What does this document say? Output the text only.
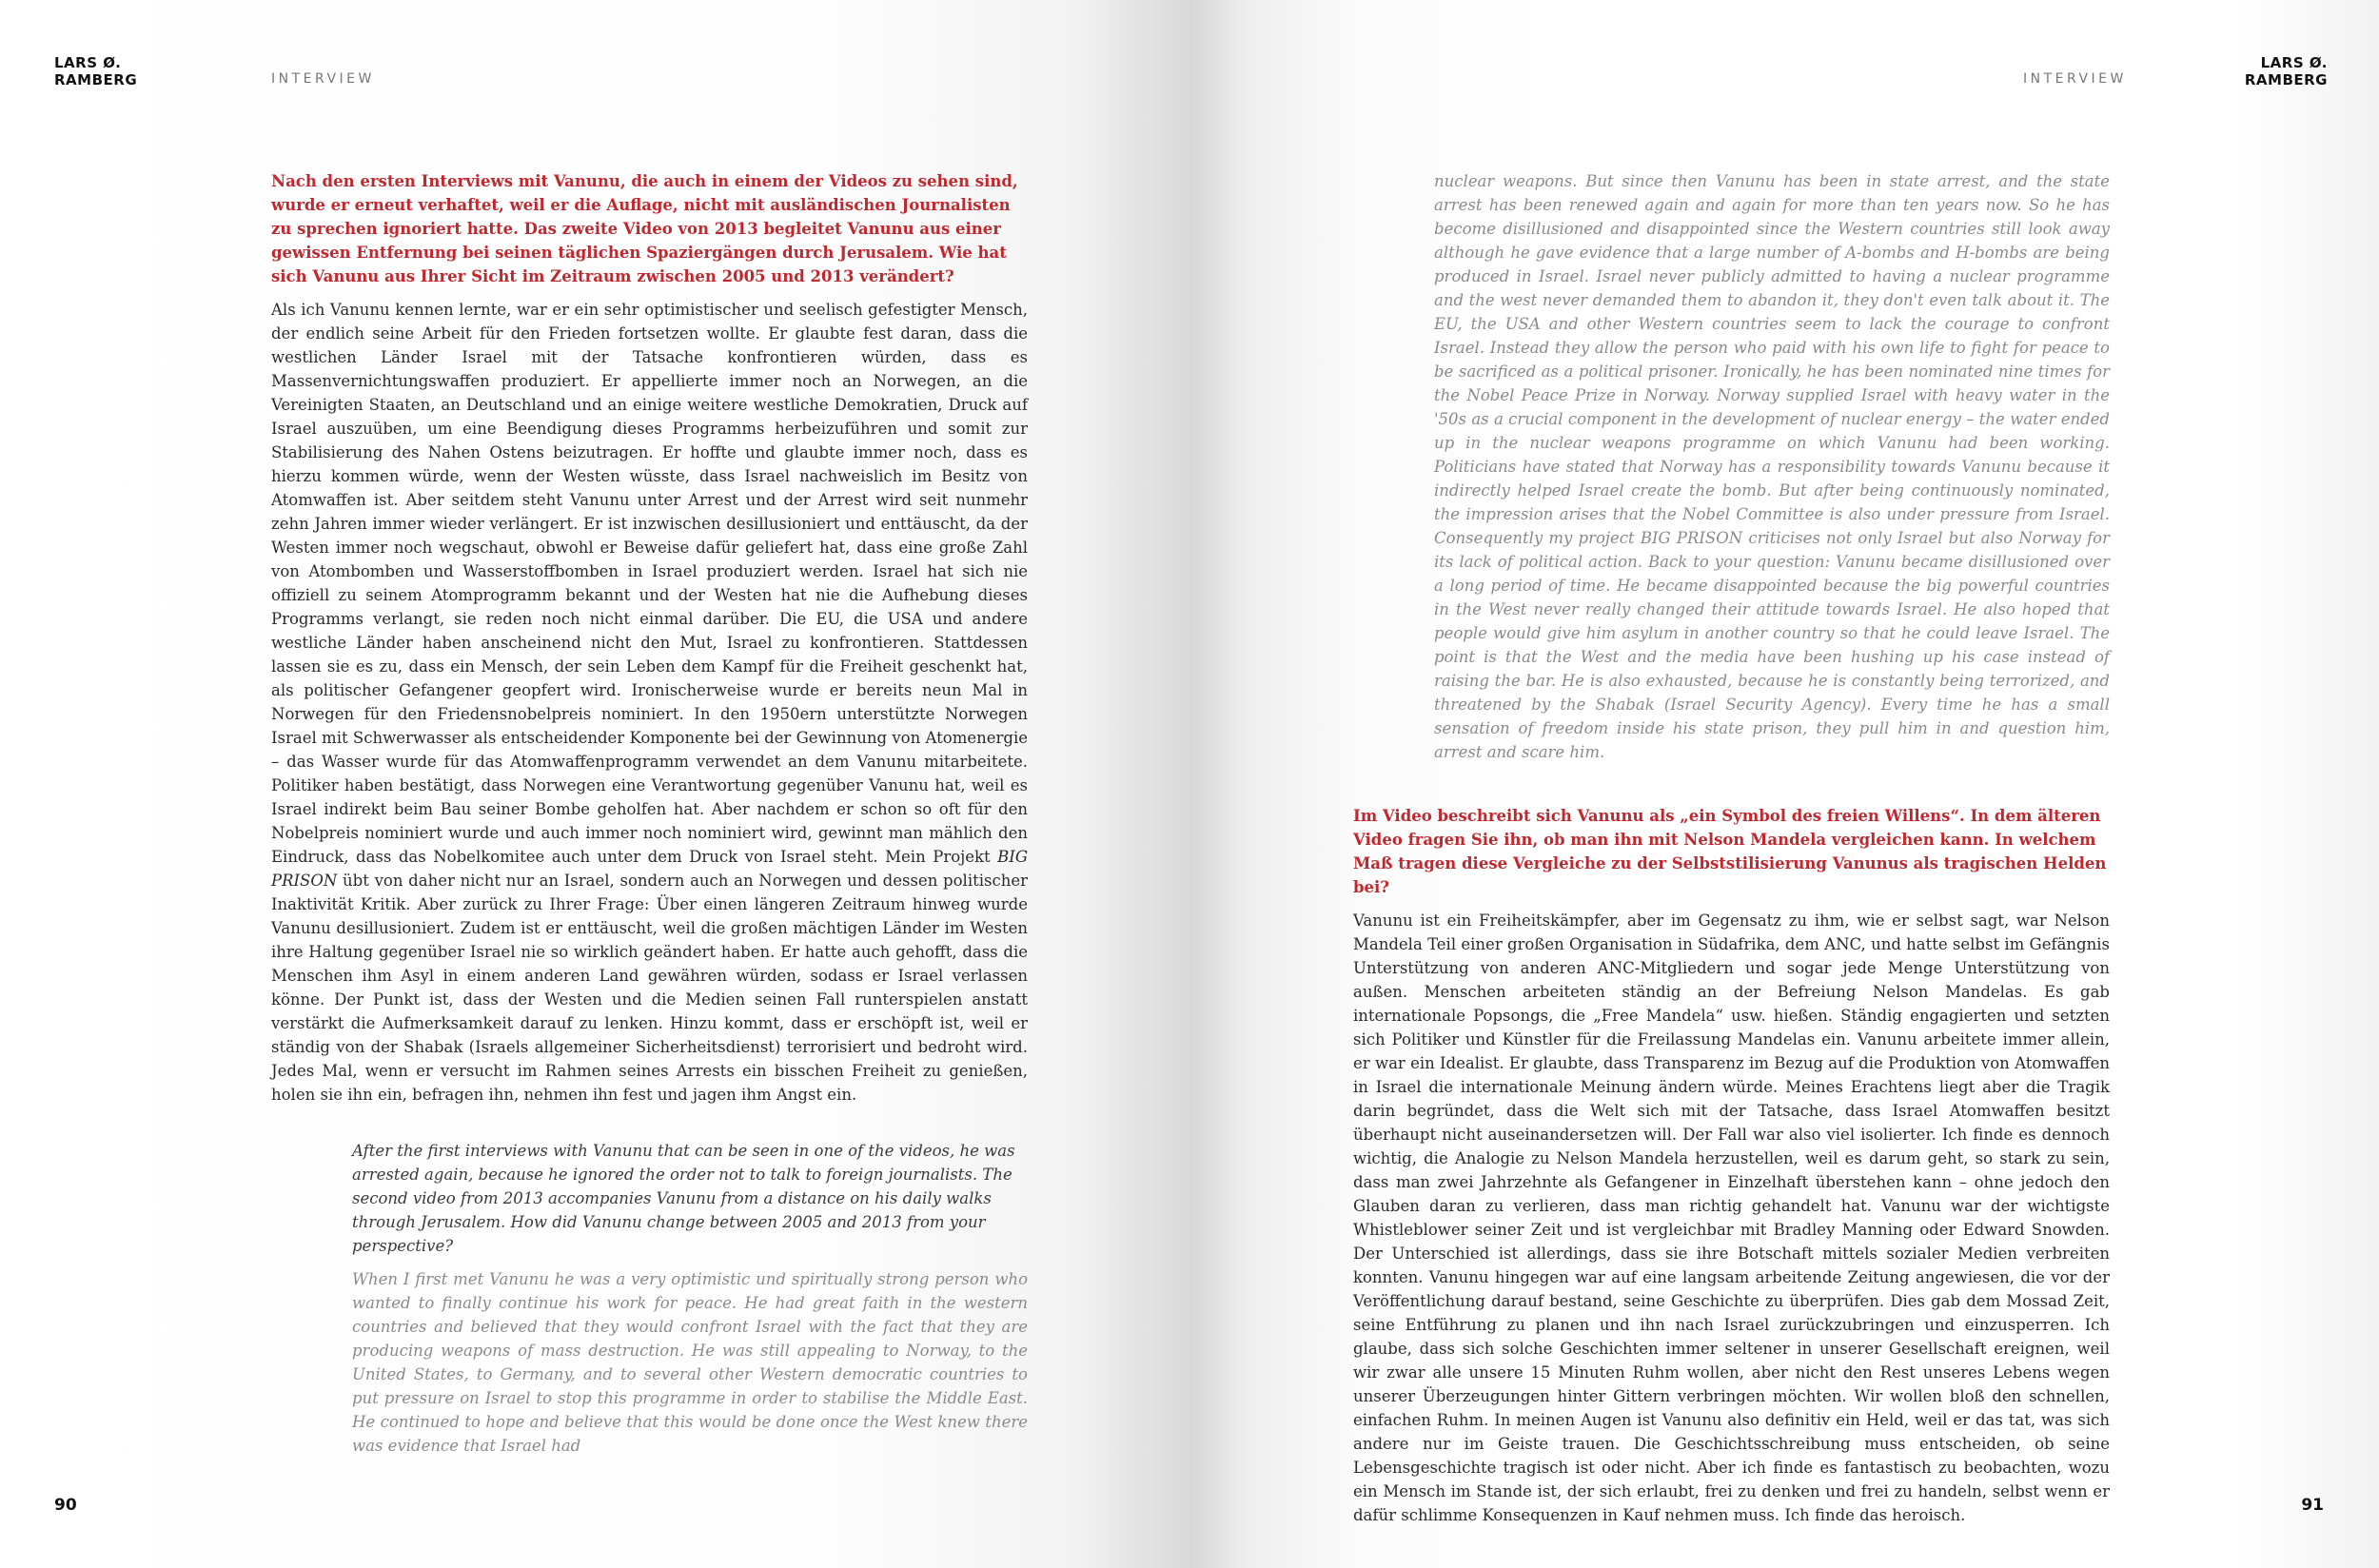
LARS Ø.
RAMBERG	INTERVIEW

Nach den ersten Interviews mit Vanunu, die auch in einem der Videos zu sehen sind, wurde er erneut verhaftet, weil er die Auflage, nicht mit ausländischen Journalisten zu sprechen ignoriert hatte. Das zweite Video von 2013 begleitet Vanunu aus einer gewissen Entfernung bei seinen täglichen Spaziergängen durch Jerusalem. Wie hat sich Vanunu aus Ihrer Sicht im Zeitraum zwischen 2005 und 2013 verändert?

Als ich Vanunu kennen lernte, war er ein sehr optimistischer und seelisch gefestigter Mensch, der endlich seine Arbeit für den Frieden fortsetzen wollte. Er glaubte fest daran, dass die westlichen Länder Israel mit der Tatsache konfrontieren würden, dass es Massenvernichtungswaffen produziert. Er appellierte immer noch an Norwegen, an die Vereinigten Staaten, an Deutschland und an einige weitere westliche Demokratien, Druck auf Israel auszuüben, um eine Beendigung dieses Programms herbeizuführen und somit zur Stabilisierung des Nahen Ostens beizutragen. Er hoffte und glaubte immer noch, dass es hierzu kommen würde, wenn der Westen wüsste, dass Israel nachweislich im Besitz von Atomwaffen ist. Aber seitdem steht Vanunu unter Arrest und der Arrest wird seit nunmehr zehn Jahren immer wieder verlängert. Er ist inzwischen desillusioniert und enttäuscht, da der Westen immer noch wegschaut, obwohl er Beweise dafür geliefert hat, dass eine große Zahl von Atombomben und Wasserstoffbomben in Israel produziert werden. Israel hat sich nie offiziell zu seinem Atomprogramm bekannt und der Westen hat nie die Aufhebung dieses Programms verlangt, sie reden noch nicht einmal darüber. Die EU, die USA und andere westliche Länder haben anscheinend nicht den Mut, Israel zu konfrontieren. Stattdessen lassen sie es zu, dass ein Mensch, der sein Leben dem Kampf für die Freiheit geschenkt hat, als politischer Gefangener geopfert wird. Ironischerweise wurde er bereits neun Mal in Norwegen für den Friedensnobelpreis nominiert. In den 1950ern unterstützte Norwegen Israel mit Schwerwasser als entscheidender Komponente bei der Gewinnung von Atomenergie – das Wasser wurde für das Atomwaffenprogramm verwendet an dem Vanunu mitarbeitete. Politiker haben bestätigt, dass Norwegen eine Verantwortung gegenüber Vanunu hat, weil es Israel indirekt beim Bau seiner Bombe geholfen hat. Aber nachdem er schon so oft für den Nobelpreis nominiert wurde und auch immer noch nominiert wird, gewinnt man mählich den Eindruck, dass das Nobelkomitee auch unter dem Druck von Israel steht. Mein Projekt BIG PRISON übt von daher nicht nur an Israel, sondern auch an Norwegen und dessen politischer Inaktivität Kritik. Aber zurück zu Ihrer Frage: Über einen längeren Zeitraum hinweg wurde Vanunu desillusioniert. Zudem ist er enttäuscht, weil die großen mächtigen Länder im Westen ihre Haltung gegenüber Israel nie so wirklich geändert haben. Er hatte auch gehofft, dass die Menschen ihm Asyl in einem anderen Land gewähren würden, sodass er Israel verlassen könne. Der Punkt ist, dass der Westen und die Medien seinen Fall runterspielen anstatt verstärkt die Aufmerksamkeit darauf zu lenken. Hinzu kommt, dass er erschöpft ist, weil er ständig von der Shabak (Israels allgemeiner Sicherheitsdienst) terrorisiert und bedroht wird. Jedes Mal, wenn er versucht im Rahmen seines Arrests ein bisschen Freiheit zu genießen, holen sie ihn ein, befragen ihn, nehmen ihn fest und jagen ihm Angst ein.

After the first interviews with Vanunu that can be seen in one of the videos, he was arrested again, because he ignored the order not to talk to foreign journalists. The second video from 2013 accompanies Vanunu from a distance on his daily walks through Jerusalem. How did Vanunu change between 2005 and 2013 from your perspective?

When I first met Vanunu he was a very optimistic und spiritually strong person who wanted to finally continue his work for peace. He had great faith in the western countries and believed that they would confront Israel with the fact that they are producing weapons of mass destruction. He was still appealing to Norway, to the United States, to Germany, and to several other Western democratic countries to put pressure on Israel to stop this programme in order to stabilise the Middle East. He continued to hope and believe that this would be done once the West knew there was evidence that Israel had

90
INTERVIEW
LARS Ø.
RAMBERG

nuclear weapons. But since then Vanunu has been in state arrest, and the state arrest has been renewed again and again for more than ten years now. So he has become disillusioned and disappointed since the Western countries still look away although he gave evidence that a large number of A-bombs and H-bombs are being produced in Israel. Israel never publicly admitted to having a nuclear programme and the west never demanded them to abandon it, they don't even talk about it. The EU, the USA and other Western countries seem to lack the courage to confront Israel. Instead they allow the person who paid with his own life to fight for peace to be sacrificed as a political prisoner. Ironically, he has been nominated nine times for the Nobel Peace Prize in Norway. Norway supplied Israel with heavy water in the '50s as a crucial component in the development of nuclear energy – the water ended up in the nuclear weapons programme on which Vanunu had been working. Politicians have stated that Norway has a responsibility towards Vanunu because it indirectly helped Israel create the bomb. But after being continuously nominated, the impression arises that the Nobel Committee is also under pressure from Israel. Consequently my project BIG PRISON criticises not only Israel but also Norway for its lack of political action. Back to your question: Vanunu became disillusioned over a long period of time. He became disappointed because the big powerful countries in the West never really changed their attitude towards Israel. He also hoped that people would give him asylum in another country so that he could leave Israel. The point is that the West and the media have been hushing up his case instead of raising the bar. He is also exhausted, because he is constantly being terrorized, and threatened by the Shabak (Israel Security Agency). Every time he has a small sensation of freedom inside his state prison, they pull him in and question him, arrest and scare him.

Im Video beschreibt sich Vanunu als „ein Symbol des freien Willens“. In dem älteren Video fragen Sie ihn, ob man ihn mit Nelson Mandela vergleichen kann. In welchem Maß tragen diese Vergleiche zu der Selbststilisierung Vanunus als tragischen Helden bei?

Vanunu ist ein Freiheitskämpfer, aber im Gegensatz zu ihm, wie er selbst sagt, war Nelson Mandela Teil einer großen Organisation in Südafrika, dem ANC, und hatte selbst im Gefängnis Unterstützung von anderen ANC-Mitgliedern und sogar jede Menge Unterstützung von außen. Menschen arbeiteten ständig an der Befreiung Nelson Mandelas. Es gab internationale Popsongs, die „Free Mandela“ usw. hießen. Ständig engagierten und setzten sich Politiker und Künstler für die Freilassung Mandelas ein. Vanunu arbeitete immer allein, er war ein Idealist. Er glaubte, dass Transparenz im Bezug auf die Produktion von Atomwaffen in Israel die internationale Meinung ändern würde. Meines Erachtens liegt aber die Tragik darin begründet, dass die Welt sich mit der Tatsache, dass Israel Atomwaffen besitzt überhaupt nicht auseinandersetzen will. Der Fall war also viel isolierter. Ich finde es dennoch wichtig, die Analogie zu Nelson Mandela herzustellen, weil es darum geht, so stark zu sein, dass man zwei Jahrzehnte als Gefangener in Einzelhaft überstehen kann – ohne jedoch den Glauben daran zu verlieren, dass man richtig gehandelt hat. Vanunu war der wichtigste Whistleblower seiner Zeit und ist vergleichbar mit Bradley Manning oder Edward Snowden. Der Unterschied ist allerdings, dass sie ihre Botschaft mittels sozialer Medien verbreiten konnten. Vanunu hingegen war auf eine langsam arbeitende Zeitung angewiesen, die vor der Veröffentlichung darauf bestand, seine Geschichte zu überprüfen. Dies gab dem Mossad Zeit, seine Entführung zu planen und ihn nach Israel zurückzubringen und einzusperren. Ich glaube, dass sich solche Geschichten immer seltener in unserer Gesellschaft ereignen, weil wir zwar alle unsere 15 Minuten Ruhm wollen, aber nicht den Rest unseres Lebens wegen unserer Überzeugungen hinter Gittern verbringen möchten. Wir wollen bloß den schnellen, einfachen Ruhm. In meinen Augen ist Vanunu also definitiv ein Held, weil er das tat, was sich andere nur im Geiste trauen. Die Geschichtsschreibung muss entscheiden, ob seine Lebensgeschichte tragisch ist oder nicht. Aber ich finde es fantastisch zu beobachten, wozu ein Mensch im Stande ist, der sich erlaubt, frei zu denken und frei zu handeln, selbst wenn er dafür schlimme Konsequenzen in Kauf nehmen muss. Ich finde das heroisch.

91
